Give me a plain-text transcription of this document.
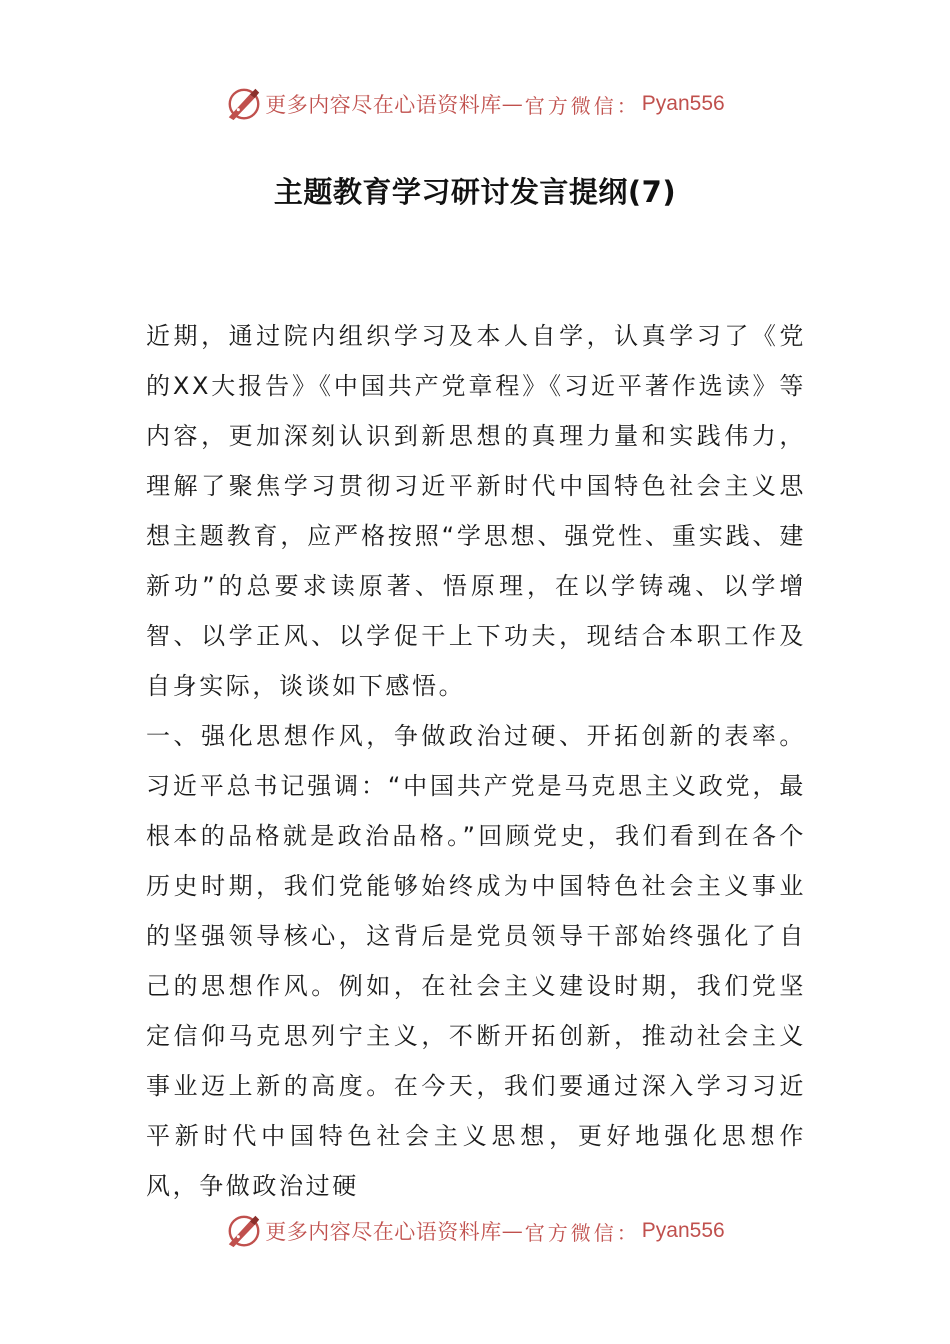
更多内容尽在心语资料库 — 官方微信： Pyan556
主题教育学习研讨发言提纲(7)

近期，通过院内组织学习及本人自学，认真学习了《党的XX大报告》《中国共产党章程》《习近平著作选读》等内容，更加深刻认识到新思想的真理力量和实践伟力，理解了聚焦学习贯彻习近平新时代中国特色社会主义思想主题教育，应严格按照“学思想、强党性、重实践、建新功”的总要求读原著、悟原理，在以学铸魂、以学增智、以学正风、以学促干上下功夫，现结合本职工作及自身实际，谈谈如下感悟。

一、强化思想作风，争做政治过硬、开拓创新的表率。习近平总书记强调：“中国共产党是马克思主义政党，最根本的品格就是政治品格。”回顾党史，我们看到在各个历史时期，我们党能够始终成为中国特色社会主义事业的坚强领导核心，这背后是党员领导干部始终强化了自己的思想作风。例如，在社会主义建设时期，我们党坚定信仰马克思列宁主义，不断开拓创新，推动社会主义事业迈上新的高度。在今天，我们要通过深入学习习近平新时代中国特色社会主义思想，更好地强化思想作风，争做政治过硬

更多内容尽在心语资料库 — 官方微信： Pyan556
